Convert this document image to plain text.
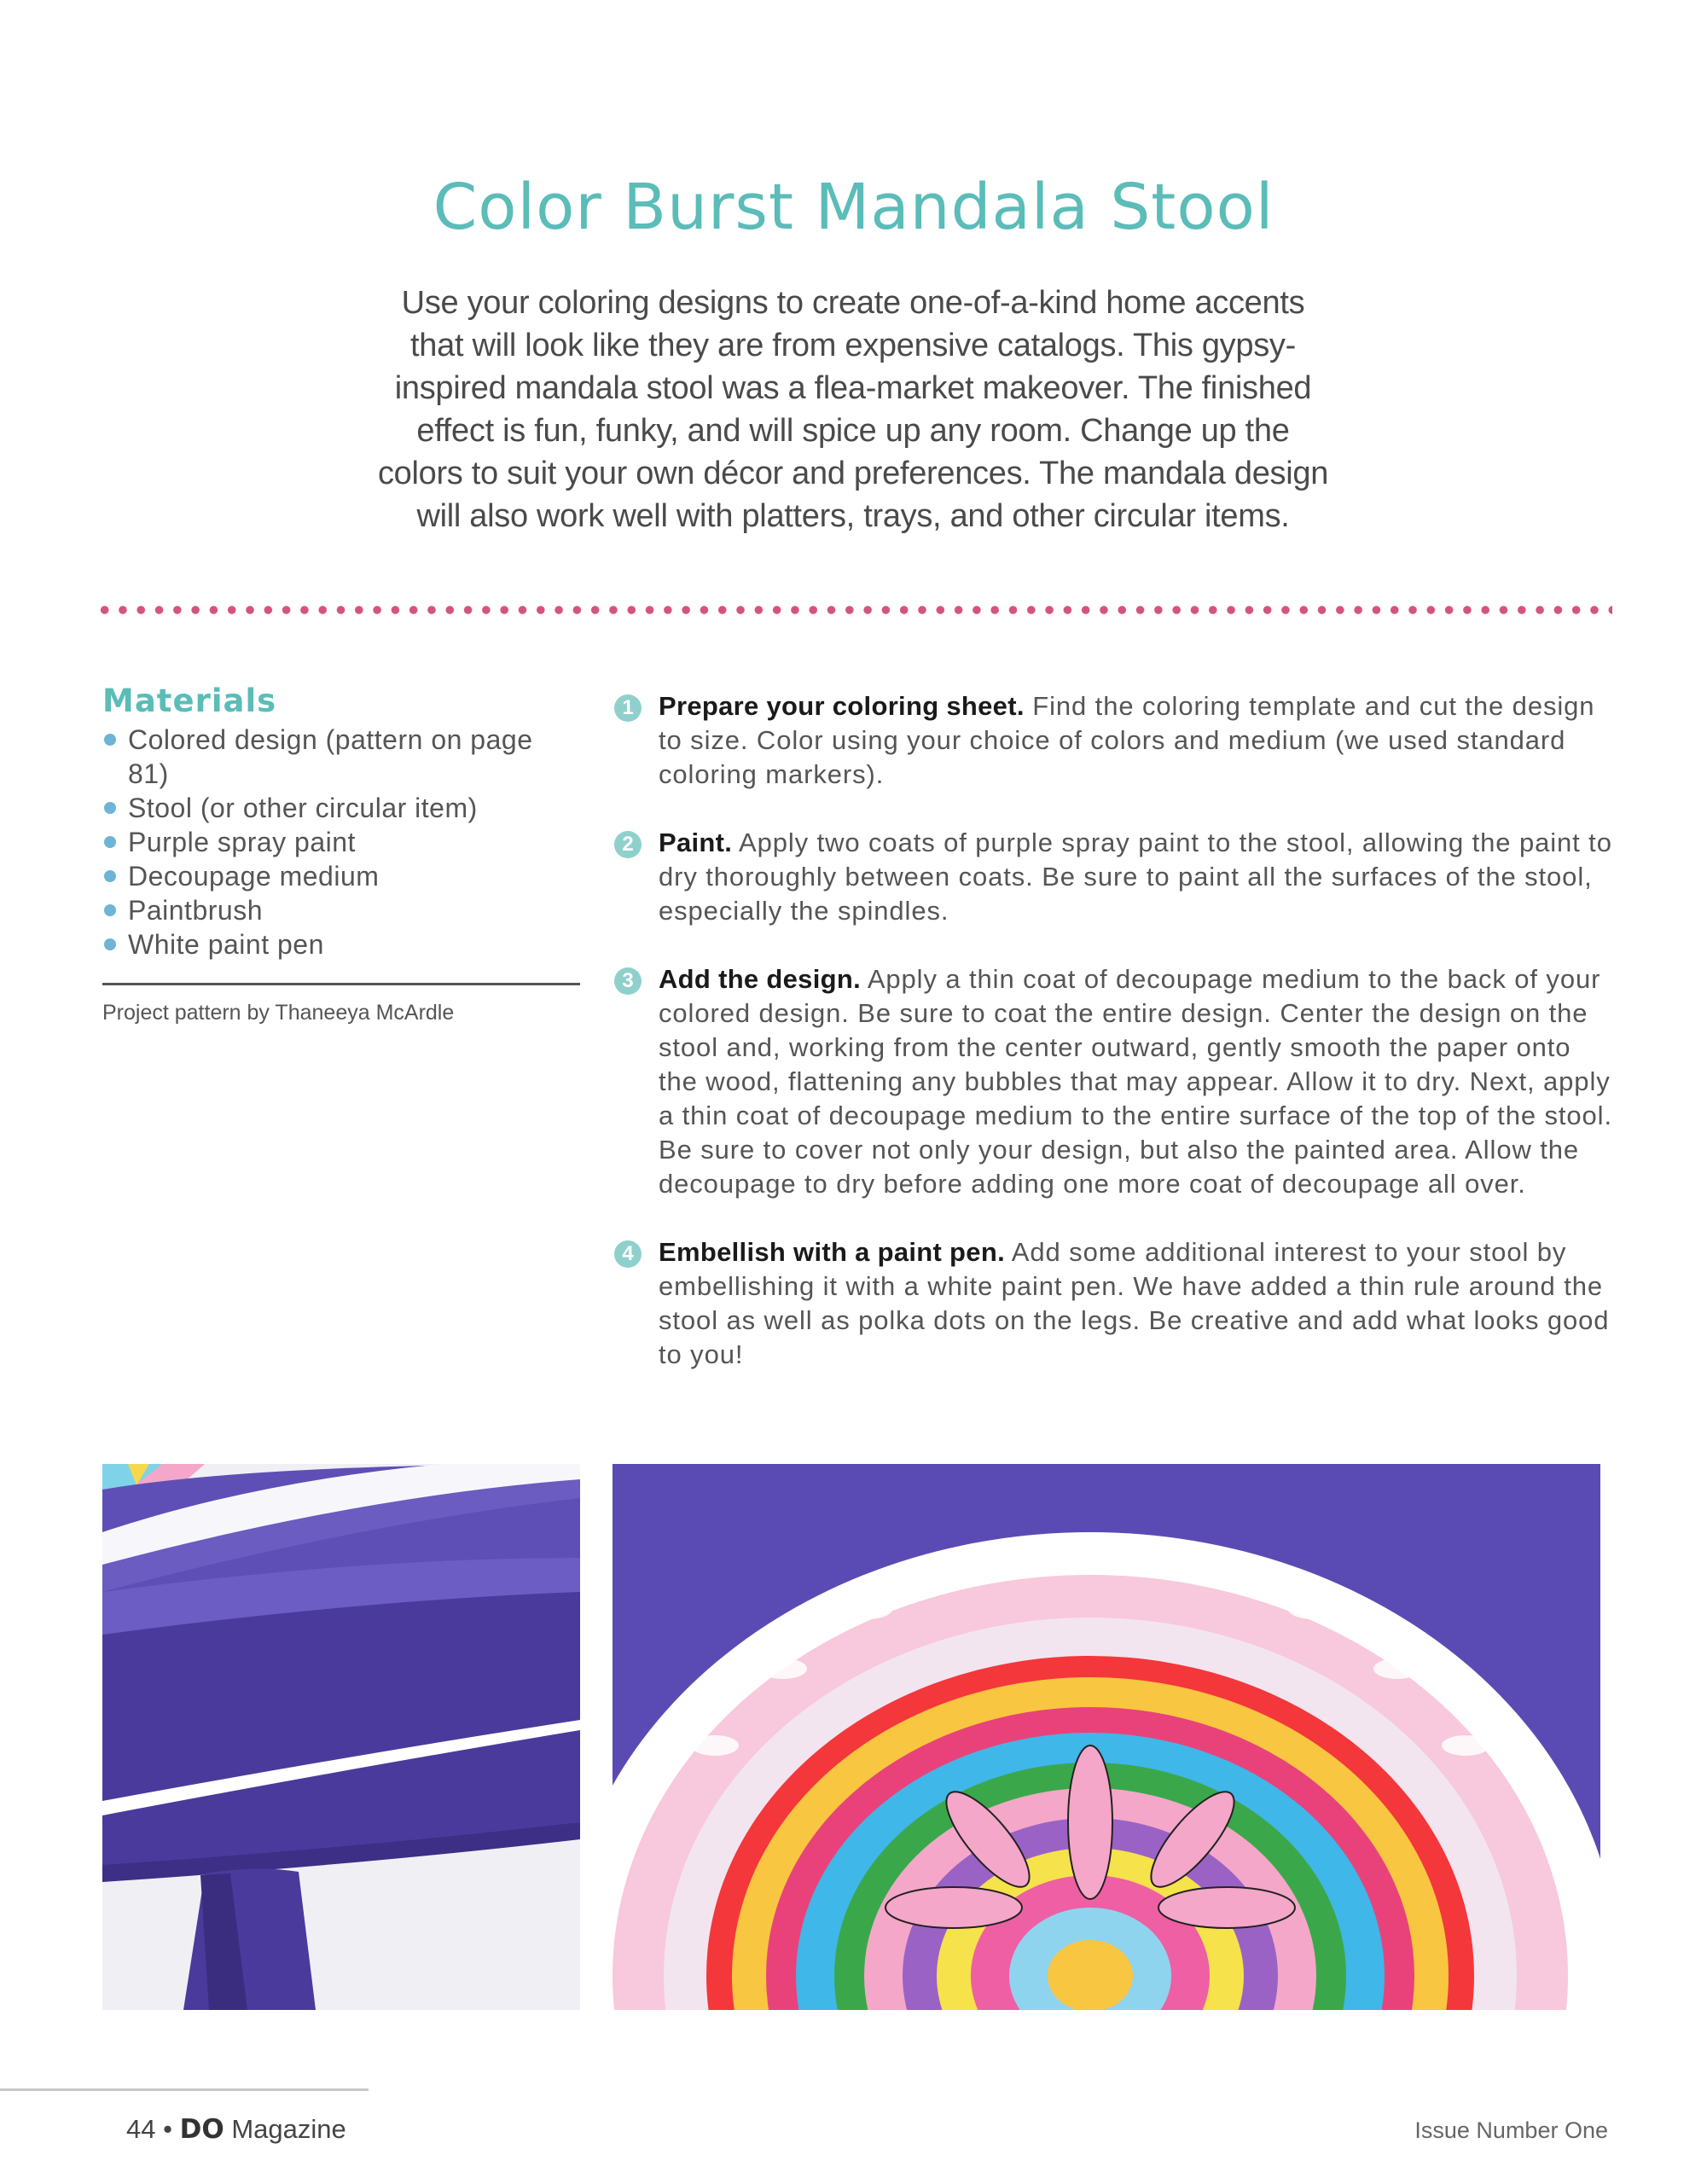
Color Burst Mandala Stool

Use your coloring designs to create one-of-a-kind home accents that will look like they are from expensive catalogs. This gypsy-inspired mandala stool was a flea-market makeover. The finished effect is fun, funky, and will spice up any room. Change up the colors to suit your own décor and preferences. The mandala design will also work well with platters, trays, and other circular items.

Materials
Colored design (pattern on page 81)
Stool (or other circular item)
Purple spray paint
Decoupage medium
Paintbrush
White paint pen
Project pattern by Thaneeya McArdle
1 Prepare your coloring sheet. Find the coloring template and cut the design to size. Color using your choice of colors and medium (we used standard coloring markers).

2 Paint. Apply two coats of purple spray paint to the stool, allowing the paint to dry thoroughly between coats. Be sure to paint all the surfaces of the stool, especially the spindles.

3 Add the design. Apply a thin coat of decoupage medium to the back of your colored design. Be sure to coat the entire design. Center the design on the stool and, working from the center outward, gently smooth the paper onto the wood, flattening any bubbles that may appear. Allow it to dry. Next, apply a thin coat of decoupage medium to the entire surface of the top of the stool. Be sure to cover not only your design, but also the painted area. Allow the decoupage to dry before adding one more coat of decoupage all over.

4 Embellish with a paint pen. Add some additional interest to your stool by embellishing it with a white paint pen. We have added a thin rule around the stool as well as polka dots on the legs. Be creative and add what looks good to you!

44 • DO Magazine	Issue Number One
